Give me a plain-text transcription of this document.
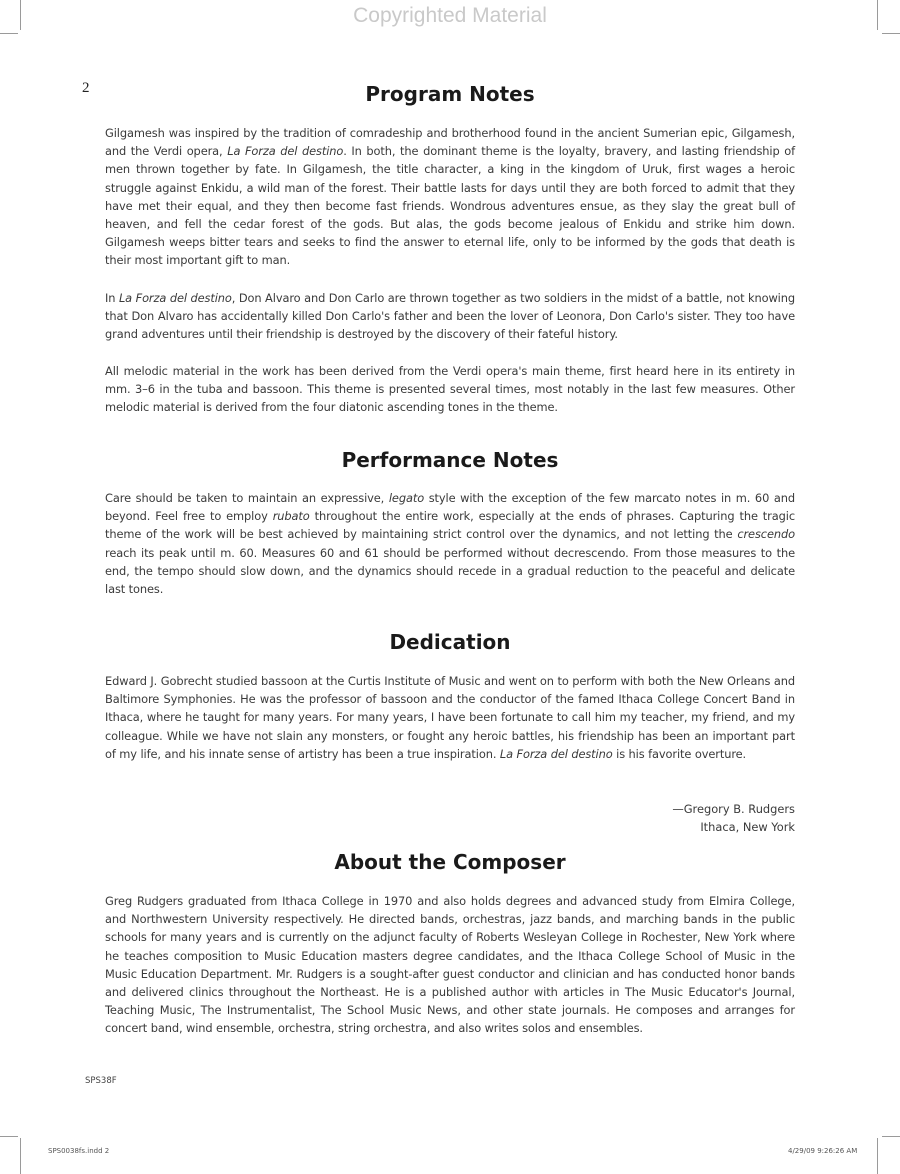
Copyrighted Material
2	Program Notes

Gilgamesh was inspired by the tradition of comradeship and brotherhood found in the ancient Sumerian epic, Gilgamesh, and the Verdi opera, La Forza del destino. In both, the dominant theme is the loyalty, bravery, and lasting friendship of men thrown together by fate. In Gilgamesh, the title character, a king in the kingdom of Uruk, first wages a heroic struggle against Enkidu, a wild man of the forest. Their battle lasts for days until they are both forced to admit that they have met their equal, and they then become fast friends. Wondrous adventures ensue, as they slay the great bull of heaven, and fell the cedar forest of the gods. But alas, the gods become jealous of Enkidu and strike him down. Gilgamesh weeps bitter tears and seeks to find the answer to eternal life, only to be informed by the gods that death is their most important gift to man.

In La Forza del destino, Don Alvaro and Don Carlo are thrown together as two soldiers in the midst of a battle, not knowing that Don Alvaro has accidentally killed Don Carlo's father and been the lover of Leonora, Don Carlo's sister. They too have grand adventures until their friendship is destroyed by the discovery of their fateful history.

All melodic material in the work has been derived from the Verdi opera's main theme, first heard here in its entirety in mm. 3–6 in the tuba and bassoon. This theme is presented several times, most notably in the last few measures. Other melodic material is derived from the four diatonic ascending tones in the theme.

Performance Notes

Care should be taken to maintain an expressive, legato style with the exception of the few marcato notes in m. 60 and beyond. Feel free to employ rubato throughout the entire work, especially at the ends of phrases. Capturing the tragic theme of the work will be best achieved by maintaining strict control over the dynamics, and not letting the crescendo reach its peak until m. 60. Measures 60 and 61 should be performed without decrescendo. From those measures to the end, the tempo should slow down, and the dynamics should recede in a gradual reduction to the peaceful and delicate last tones.

Dedication

Edward J. Gobrecht studied bassoon at the Curtis Institute of Music and went on to perform with both the New Orleans and Baltimore Symphonies. He was the professor of bassoon and the conductor of the famed Ithaca College Concert Band in Ithaca, where he taught for many years. For many years, I have been fortunate to call him my teacher, my friend, and my colleague. While we have not slain any monsters, or fought any heroic battles, his friendship has been an important part of my life, and his innate sense of artistry has been a true inspiration. La Forza del destino is his favorite overture.

—Gregory B. Rudgers
Ithaca, New York
About the Composer

Greg Rudgers graduated from Ithaca College in 1970 and also holds degrees and advanced study from Elmira College, and Northwestern University respectively. He directed bands, orchestras, jazz bands, and marching bands in the public schools for many years and is currently on the adjunct faculty of Roberts Wesleyan College in Rochester, New York where he teaches composition to Music Education masters degree candidates, and the Ithaca College School of Music in the Music Education Department. Mr. Rudgers is a sought-after guest conductor and clinician and has conducted honor bands and delivered clinics throughout the Northeast. He is a published author with articles in The Music Educator's Journal, Teaching Music, The Instrumentalist, The School Music News, and other state journals. He composes and arranges for concert band, wind ensemble, orchestra, string orchestra, and also writes solos and ensembles.

SPS38F
SPS0038fs.indd 2	4/29/09 9:26:26 AM
